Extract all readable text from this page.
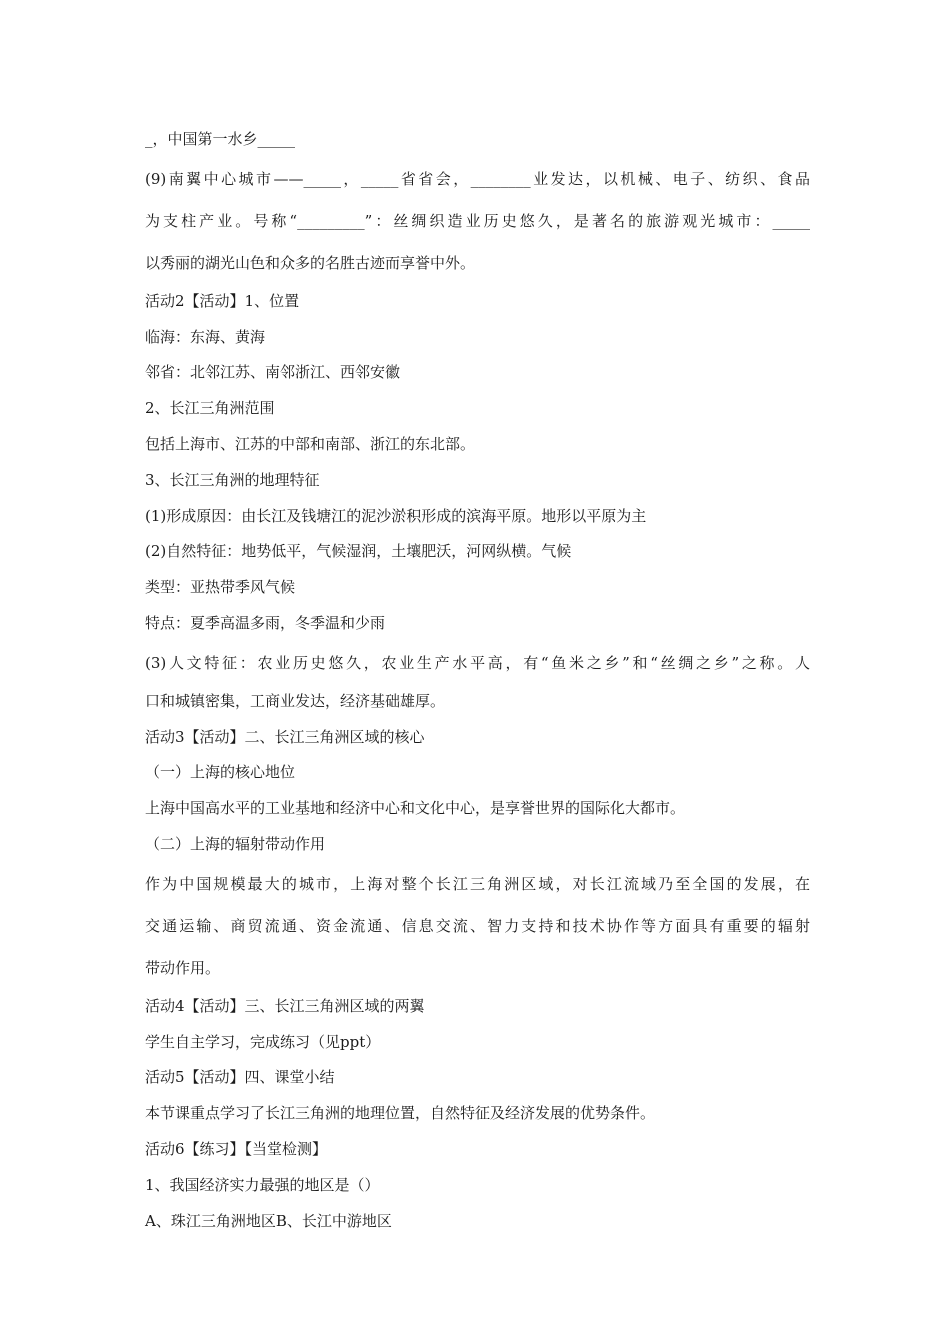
_，中国第一水乡_____
(9)南翼中心城市——_____，_____省省会，________业发达，以机械、电子、纺织、食品
为支柱产业。号称“_________”：丝绸织造业历史悠久，是著名的旅游观光城市：_____
以秀丽的湖光山色和众多的名胜古迹而享誉中外。
活动2【活动】1、位置
临海：东海、黄海
邻省：北邻江苏、南邻浙江、西邻安徽
2、长江三角洲范围
包括上海市、江苏的中部和南部、浙江的东北部。
3、长江三角洲的地理特征
(1)形成原因：由长江及钱塘江的泥沙淤积形成的滨海平原。地形以平原为主
(2)自然特征：地势低平，气候湿润，土壤肥沃，河网纵横。气候
类型：亚热带季风气候
特点：夏季高温多雨，冬季温和少雨
(3)人文特征：农业历史悠久，农业生产水平高，有“鱼米之乡”和“丝绸之乡”之称。人
口和城镇密集，工商业发达，经济基础雄厚。
活动3【活动】二、长江三角洲区域的核心
（一）上海的核心地位
上海中国高水平的工业基地和经济中心和文化中心，是享誉世界的国际化大都市。
（二）上海的辐射带动作用
作为中国规模最大的城市，上海对整个长江三角洲区域，对长江流域乃至全国的发展，在
交通运输、商贸流通、资金流通、信息交流、智力支持和技术协作等方面具有重要的辐射
带动作用。
活动4【活动】三、长江三角洲区域的两翼
学生自主学习，完成练习（见ppt）
活动5【活动】四、课堂小结
本节课重点学习了长江三角洲的地理位置，自然特征及经济发展的优势条件。
活动6【练习】【当堂检测】
1、我国经济实力最强的地区是（）
A、珠江三角洲地区B、长江中游地区
